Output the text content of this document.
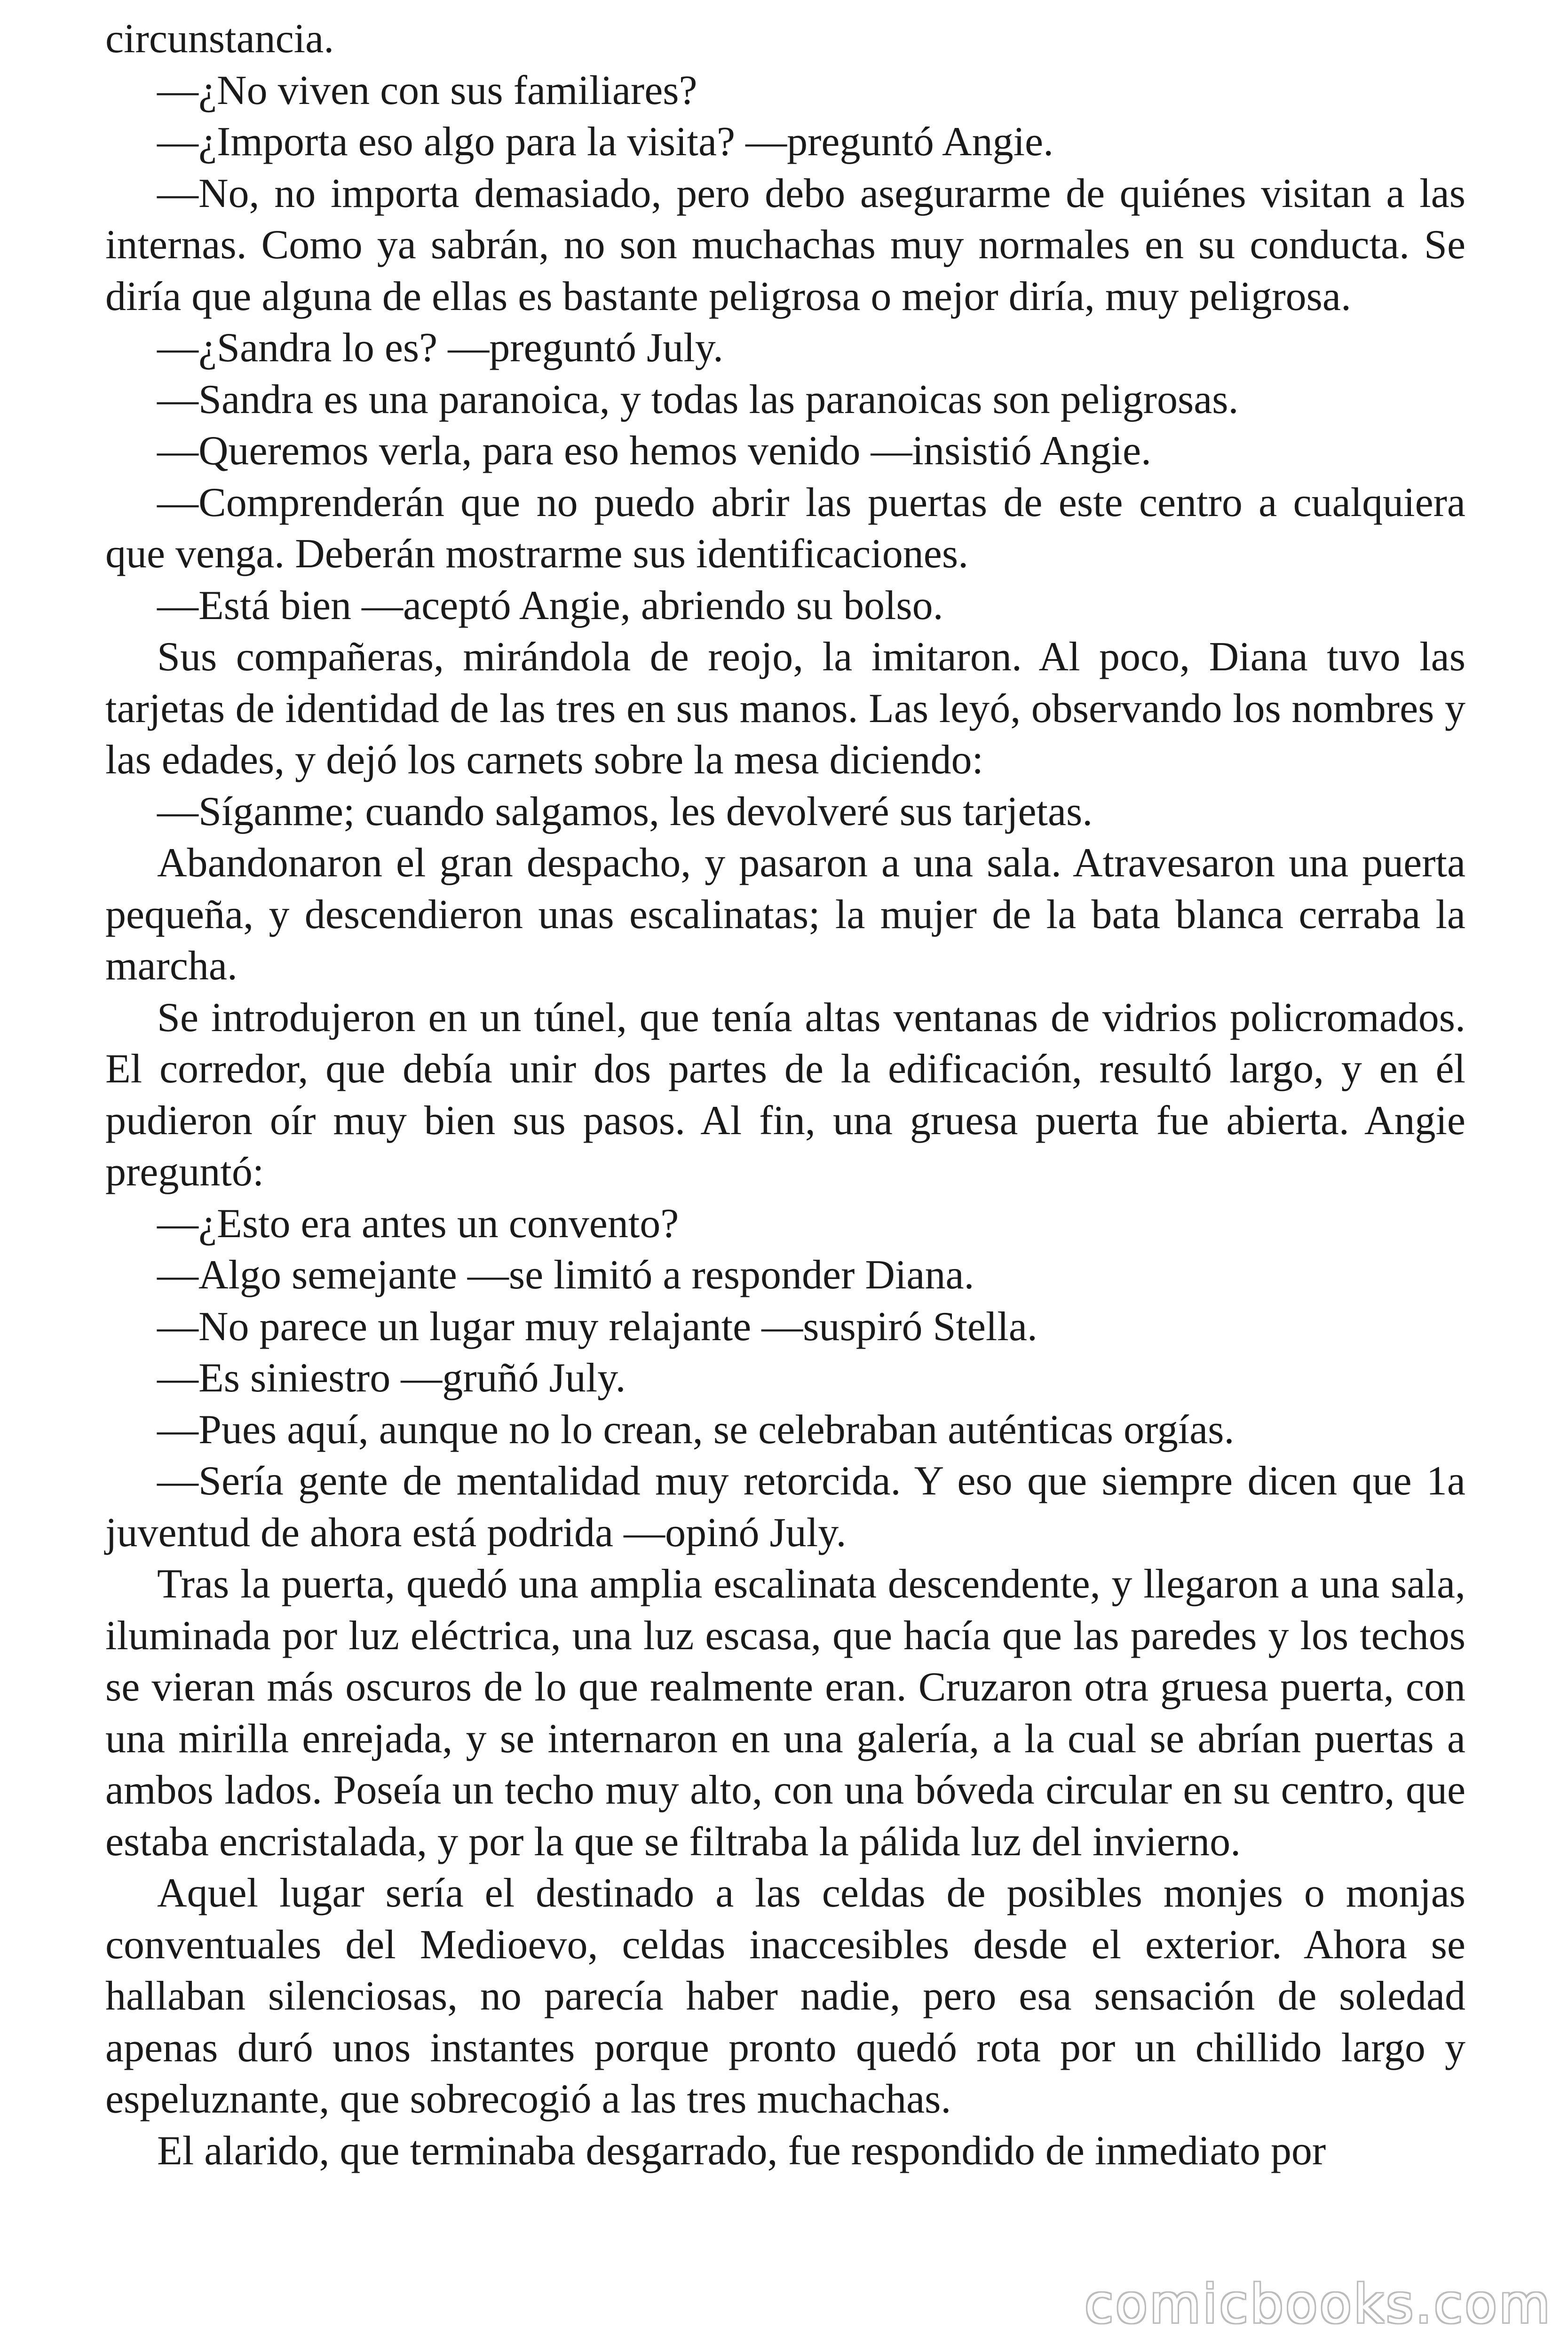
circunstancia.

—¿No viven con sus familiares?

—¿Importa eso algo para la visita? —preguntó Angie.

—No, no importa demasiado, pero debo asegurarme de quiénes visitan a las internas. Como ya sabrán, no son muchachas muy normales en su conducta. Se diría que alguna de ellas es bastante peligrosa o mejor diría, muy peligrosa.

—¿Sandra lo es? —preguntó July.

—Sandra es una paranoica, y todas las paranoicas son peligrosas.

—Queremos verla, para eso hemos venido —insistió Angie.

—Comprenderán que no puedo abrir las puertas de este centro a cualquiera que venga. Deberán mostrarme sus identificaciones.

—Está bien —aceptó Angie, abriendo su bolso.

Sus compañeras, mirándola de reojo, la imitaron. Al poco, Diana tuvo las tarjetas de identidad de las tres en sus manos. Las leyó, observando los nombres y las edades, y dejó los carnets sobre la mesa diciendo:

—Síganme; cuando salgamos, les devolveré sus tarjetas.

Abandonaron el gran despacho, y pasaron a una sala. Atravesaron una puerta pequeña, y descendieron unas escalinatas; la mujer de la bata blanca cerraba la marcha.

Se introdujeron en un túnel, que tenía altas ventanas de vidrios policromados. El corredor, que debía unir dos partes de la edificación, resultó largo, y en él pudieron oír muy bien sus pasos. Al fin, una gruesa puerta fue abierta. Angie preguntó:

—¿Esto era antes un convento?

—Algo semejante —se limitó a responder Diana.

—No parece un lugar muy relajante —suspiró Stella.

—Es siniestro —gruñó July.

—Pues aquí, aunque no lo crean, se celebraban auténticas orgías.

—Sería gente de mentalidad muy retorcida. Y eso que siempre dicen que 1a juventud de ahora está podrida —opinó July.

Tras la puerta, quedó una amplia escalinata descendente, y llegaron a una sala, iluminada por luz eléctrica, una luz escasa, que hacía que las paredes y los techos se vieran más oscuros de lo que realmente eran. Cruzaron otra gruesa puerta, con una mirilla enrejada, y se internaron en una galería, a la cual se abrían puertas a ambos lados. Poseía un techo muy alto, con una bóveda circular en su centro, que estaba encristalada, y por la que se filtraba la pálida luz del invierno.

Aquel lugar sería el destinado a las celdas de posibles monjes o monjas conventuales del Medioevo, celdas inaccesibles desde el exterior. Ahora se hallaban silenciosas, no parecía haber nadie, pero esa sensación de soledad apenas duró unos instantes porque pronto quedó rota por un chillido largo y espeluznante, que sobrecogió a las tres muchachas.

El alarido, que terminaba desgarrado, fue respondido de inmediato por

comicbooks.com
